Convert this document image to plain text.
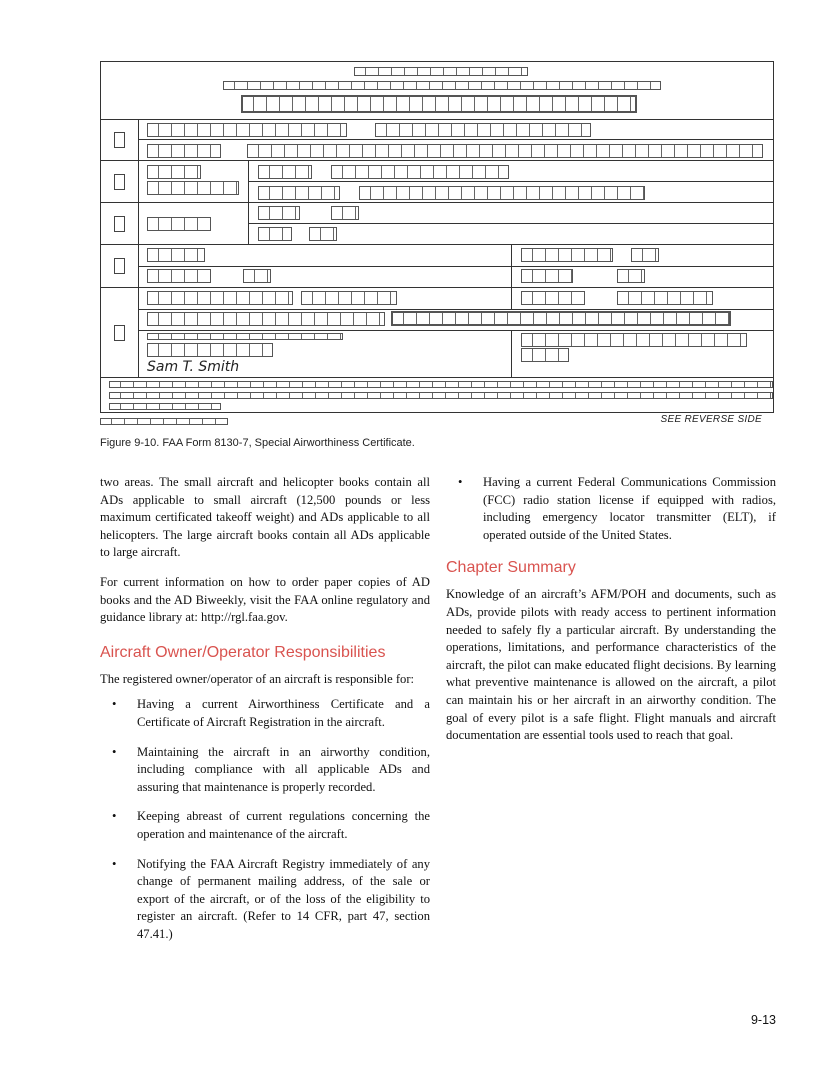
Sam T. Smith
SEE REVERSE SIDE
Figure 9-10. FAA Form 8130-7, Special Airworthiness Certificate.

two areas. The small aircraft and helicopter books contain all ADs applicable to small aircraft (12,500 pounds or less maximum certificated takeoff weight) and ADs applicable to all helicopters. The large aircraft books contain all ADs applicable to large aircraft.

For current information on how to order paper copies of AD books and the AD Biweekly, visit the FAA online regulatory and guidance library at: http://rgl.faa.gov.

Aircraft Owner/Operator Responsibilities

The registered owner/operator of an aircraft is responsible for:

• Having a current Airworthiness Certificate and a Certificate of Aircraft Registration in the aircraft.
• Maintaining the aircraft in an airworthy condition, including compliance with all applicable ADs and assuring that maintenance is properly recorded.
• Keeping abreast of current regulations concerning the operation and maintenance of the aircraft.
• Notifying the FAA Aircraft Registry immediately of any change of permanent mailing address, of the sale or export of the aircraft, or of the loss of the eligibility to register an aircraft. (Refer to 14 CFR, part 47, section 47.41.)
• Having a current Federal Communications Commission (FCC) radio station license if equipped with radios, including emergency locator transmitter (ELT), if operated outside of the United States.
Chapter Summary

Knowledge of an aircraft’s AFM/POH and documents, such as ADs, provide pilots with ready access to pertinent information needed to safely fly a particular aircraft. By understanding the operations, limitations, and performance characteristics of the aircraft, the pilot can make educated flight decisions. By learning what preventive maintenance is allowed on the aircraft, a pilot can maintain his or her aircraft in an airworthy condition. The goal of every pilot is a safe flight. Flight manuals and aircraft documentation are essential tools used to reach that goal.

9-13
